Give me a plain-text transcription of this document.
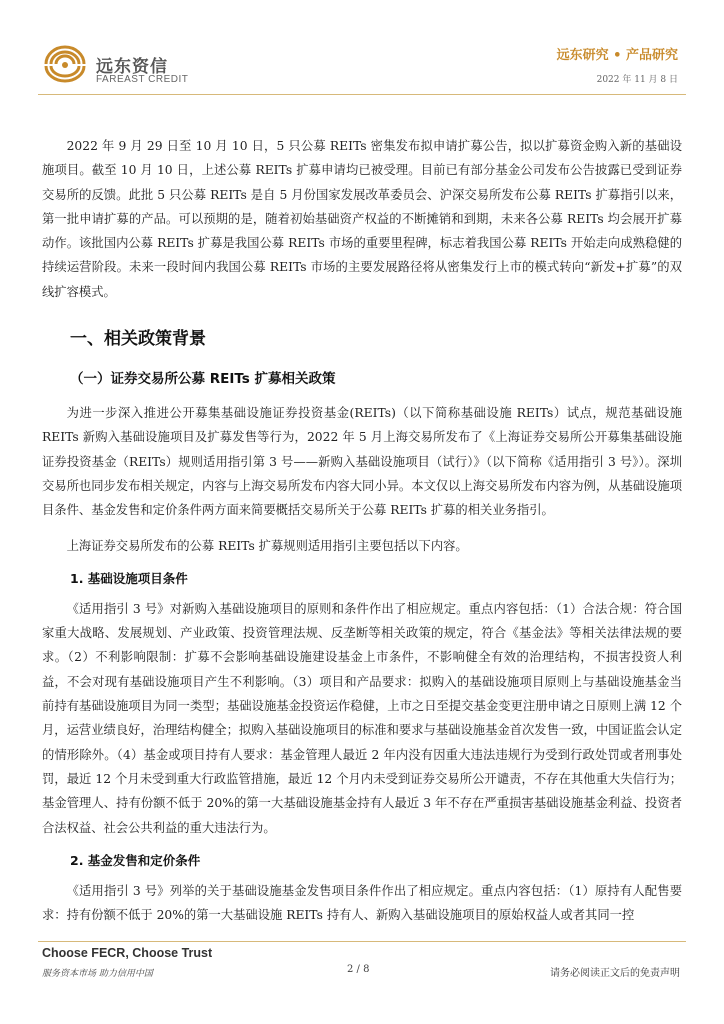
远东资信
FAREAST CREDIT
远东研究 • 产品研究
2022 年 11 月 8 日

2022 年 9 月 29 日至 10 月 10 日，5 只公募 REITs 密集发布拟申请扩募公告，拟以扩募资金购入新的基础设施项目。截至 10 月 10 日，上述公募 REITs 扩募申请均已被受理。目前已有部分基金公司发布公告披露已受到证券交易所的反馈。此批 5 只公募 REITs 是自 5 月份国家发展改革委员会、沪深交易所发布公募 REITs 扩募指引以来，第一批申请扩募的产品。可以预期的是，随着初始基础资产权益的不断摊销和到期，未来各公募 REITs 均会展开扩募动作。该批国内公募 REITs 扩募是我国公募 REITs 市场的重要里程碑，标志着我国公募 REITs 开始走向成熟稳健的持续运营阶段。未来一段时间内我国公募 REITs 市场的主要发展路径将从密集发行上市的模式转向“新发+扩募”的双线扩容模式。

一、相关政策背景
（一）证券交易所公募 REITs 扩募相关政策

为进一步深入推进公开募集基础设施证券投资基金(REITs)（以下简称基础设施 REITs）试点，规范基础设施 REITs 新购入基础设施项目及扩募发售等行为，2022 年 5 月上海交易所发布了《上海证券交易所公开募集基础设施证券投资基金（REITs）规则适用指引第 3 号——新购入基础设施项目（试行）》（以下简称《适用指引 3 号》）。深圳交易所也同步发布相关规定，内容与上海交易所发布内容大同小异。本文仅以上海交易所发布内容为例，从基础设施项目条件、基金发售和定价条件两方面来简要概括交易所关于公募 REITs 扩募的相关业务指引。

上海证券交易所发布的公募 REITs 扩募规则适用指引主要包括以下内容。

1. 基础设施项目条件

《适用指引 3 号》对新购入基础设施项目的原则和条件作出了相应规定。重点内容包括：（1）合法合规：符合国家重大战略、发展规划、产业政策、投资管理法规、反垄断等相关政策的规定，符合《基金法》等相关法律法规的要求。（2）不利影响限制：扩募不会影响基础设施建设基金上市条件，不影响健全有效的治理结构，不损害投资人利益，不会对现有基础设施项目产生不利影响。（3）项目和产品要求：拟购入的基础设施项目原则上与基础设施基金当前持有基础设施项目为同一类型；基础设施基金投资运作稳健，上市之日至提交基金变更注册申请之日原则上满 12 个月，运营业绩良好，治理结构健全；拟购入基础设施项目的标准和要求与基础设施基金首次发售一致，中国证监会认定的情形除外。（4）基金或项目持有人要求：基金管理人最近 2 年内没有因重大违法违规行为受到行政处罚或者刑事处罚，最近 12 个月未受到重大行政监管措施，最近 12 个月内未受到证券交易所公开谴责，不存在其他重大失信行为；基金管理人、持有份额不低于 20%的第一大基础设施基金持有人最近 3 年不存在严重损害基础设施基金利益、投资者合法权益、社会公共利益的重大违法行为。

2. 基金发售和定价条件

《适用指引 3 号》列举的关于基础设施基金发售项目条件作出了相应规定。重点内容包括：（1）原持有人配售要求：持有份额不低于 20%的第一大基础设施 REITs 持有人、新购入基础设施项目的原始权益人或者其同一控

Choose FECR, Choose Trust
服务资本市场 助力信用中国	2 / 8	请务必阅读正文后的免责声明
